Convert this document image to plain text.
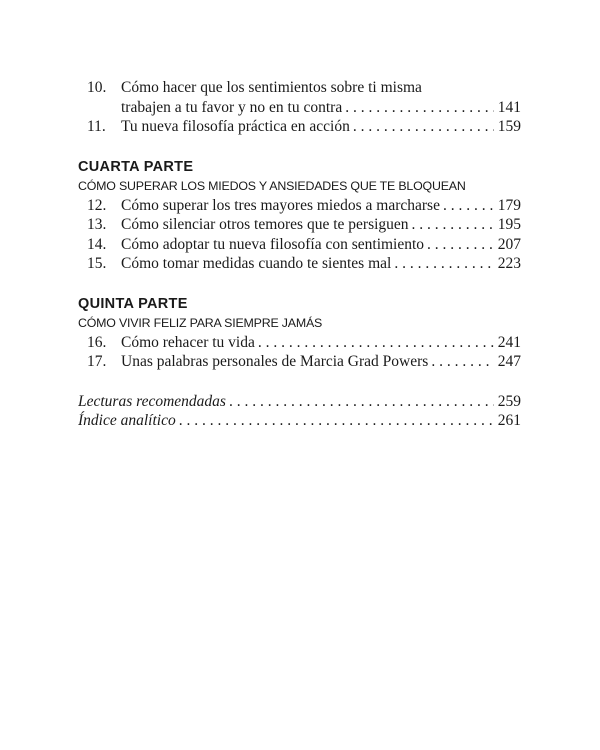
10. Cómo hacer que los sentimientos sobre ti misma
trabajen a tu favor y no en tu contra . . .	141
11. Tu nueva filosofía práctica en acción . . .	159
CUARTA PARTE
CÓMO SUPERAR LOS MIEDOS Y ANSIEDADES QUE TE BLOQUEAN
12. Cómo superar los tres mayores miedos a marcharse . . .	179
13. Cómo silenciar otros temores que te persiguen . . .	195
14. Cómo adoptar tu nueva filosofía con sentimiento . . .	207
15. Cómo tomar medidas cuando te sientes mal . . .	223
QUINTA PARTE
CÓMO VIVIR FELIZ PARA SIEMPRE JAMÁS
16. Cómo rehacer tu vida . . .	241
17. Unas palabras personales de Marcia Grad Powers . . .	247
Lecturas recomendadas . . .	259
Índice analítico . . .	261
